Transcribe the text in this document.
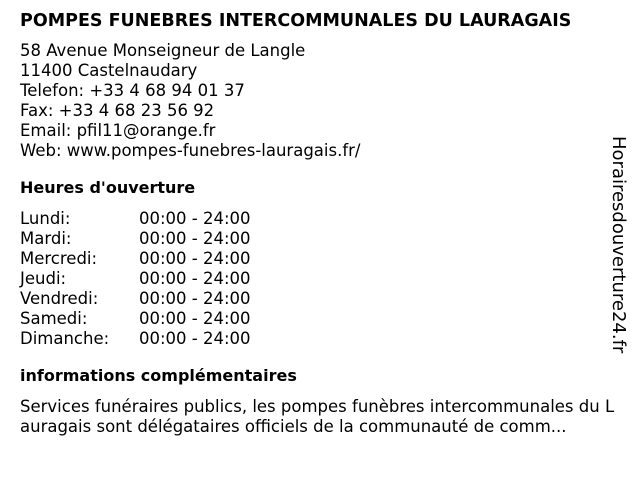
POMPES FUNEBRES INTERCOMMUNALES DU LAURAGAIS
58 Avenue Monseigneur de Langle
11400 Castelnaudary
Telefon: +33 4 68 94 01 37
Fax: +33 4 68 23 56 92
Email: pfil11@orange.fr
Web: www.pompes-funebres-lauragais.fr/
Heures d'ouverture
Lundi:	00:00 - 24:00
Mardi:	00:00 - 24:00
Mercredi:	00:00 - 24:00
Jeudi:	00:00 - 24:00
Vendredi:	00:00 - 24:00
Samedi:	00:00 - 24:00
Dimanche:	00:00 - 24:00
informations complémentaires
Services funéraires publics, les pompes funèbres intercommunales du Lauragais sont délégataires officiels de la communauté de comm...
Horairesdouverture24.fr
